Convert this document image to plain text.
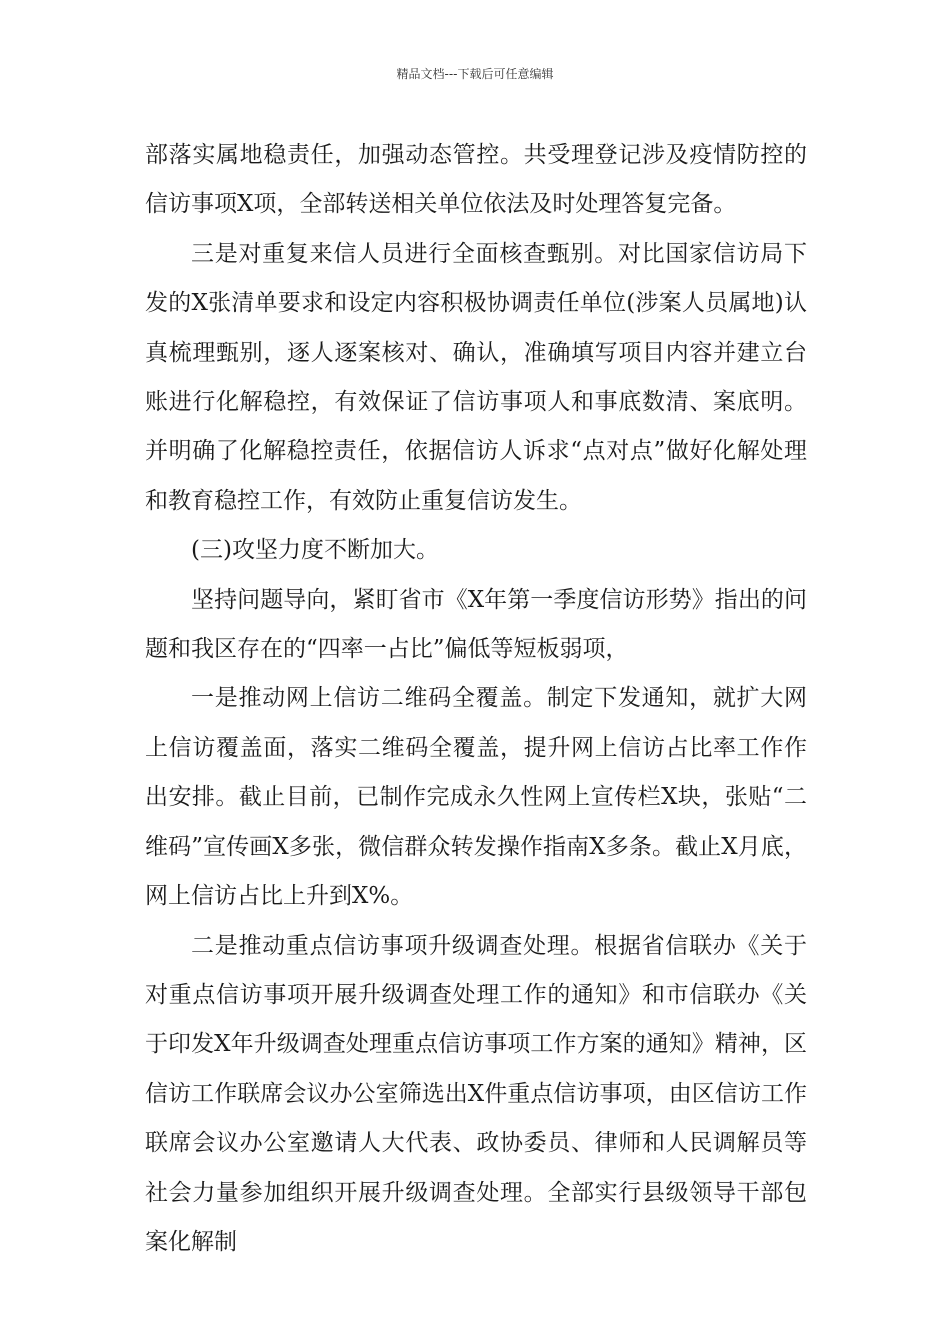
精品文档---下载后可任意编辑

部落实属地稳责任，加强动态管控。共受理登记涉及疫情防控的信访事项X项，全部转送相关单位依法及时处理答复完备。

三是对重复来信人员进行全面核查甄别。对比国家信访局下发的X张清单要求和设定内容积极协调责任单位(涉案人员属地)认真梳理甄别，逐人逐案核对、确认，准确填写项目内容并建立台账进行化解稳控，有效保证了信访事项人和事底数清、案底明。并明确了化解稳控责任，依据信访人诉求“点对点”做好化解处理和教育稳控工作，有效防止重复信访发生。

(三)攻坚力度不断加大。

坚持问题导向，紧盯省市《X年第一季度信访形势》指出的问题和我区存在的“四率一占比”偏低等短板弱项，

一是推动网上信访二维码全覆盖。制定下发通知，就扩大网上信访覆盖面，落实二维码全覆盖，提升网上信访占比率工作作出安排。截止目前，已制作完成永久性网上宣传栏X块，张贴“二维码”宣传画X多张，微信群众转发操作指南X多条。截止X月底，网上信访占比上升到X%。

二是推动重点信访事项升级调查处理。根据省信联办《关于对重点信访事项开展升级调查处理工作的通知》和市信联办《关于印发X年升级调查处理重点信访事项工作方案的通知》精神，区信访工作联席会议办公室筛选出X件重点信访事项，由区信访工作联席会议办公室邀请人大代表、政协委员、律师和人民调解员等社会力量参加组织开展升级调查处理。全部实行县级领导干部包案化解制
